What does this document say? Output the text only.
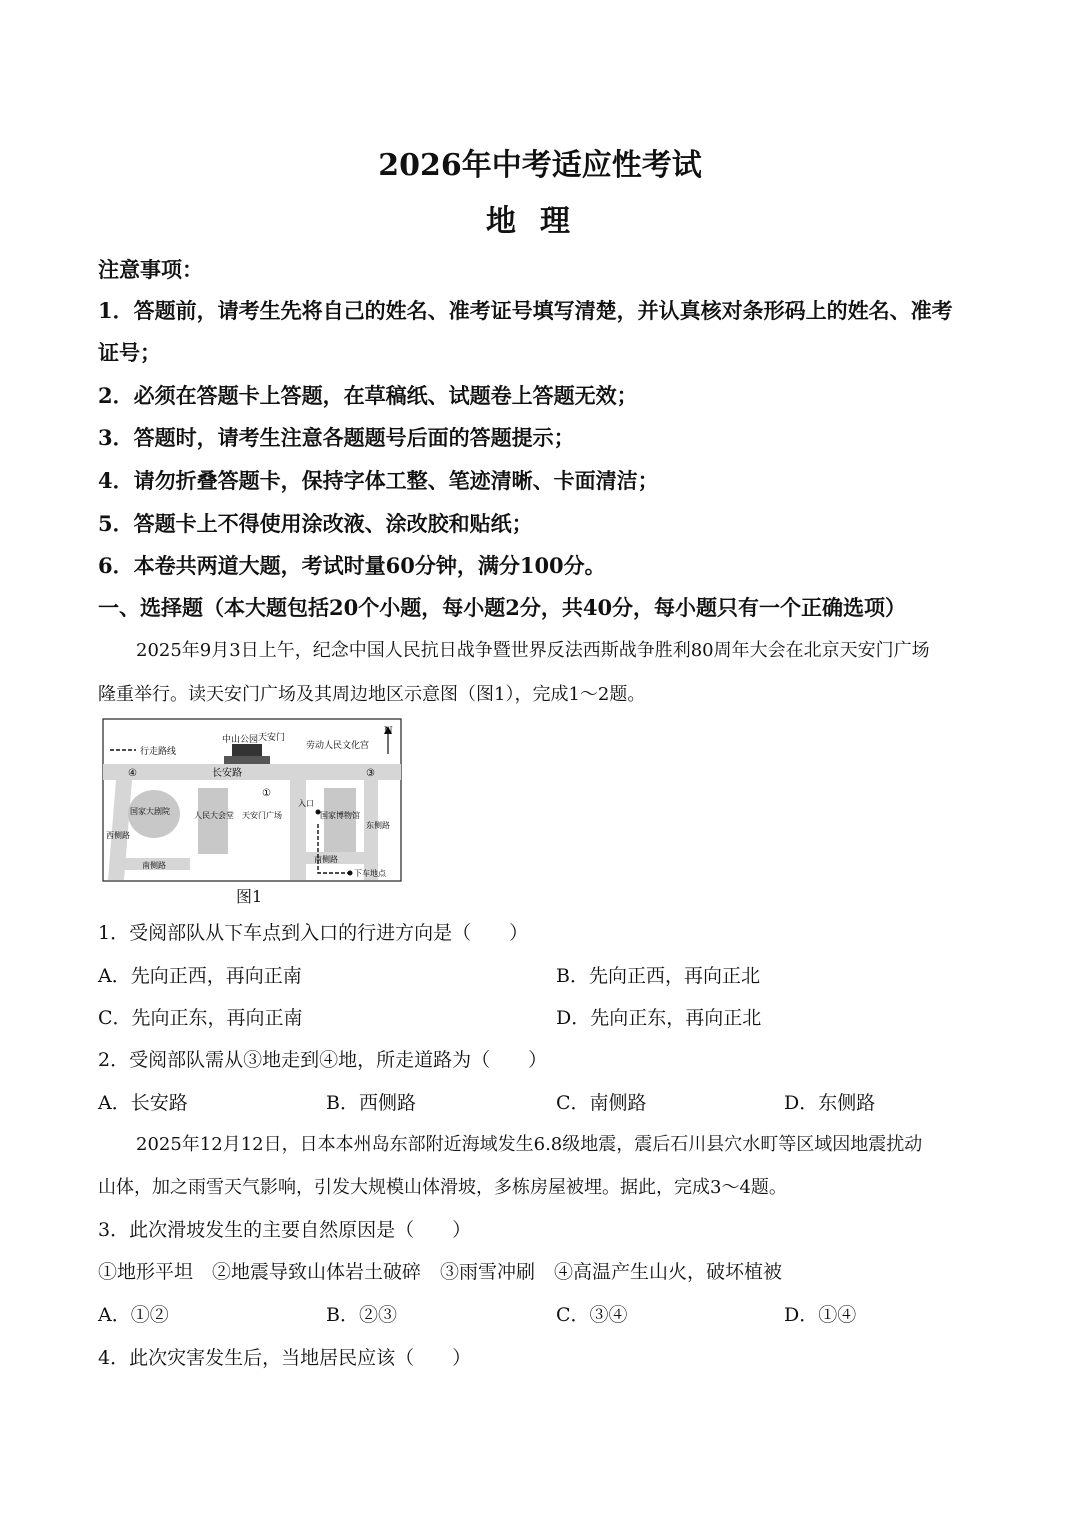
2026年中考适应性考试
地理
注意事项：
1．答题前，请考生先将自己的姓名、准考证号填写清楚，并认真核对条形码上的姓名、准考
证号；
2．必须在答题卡上答题，在草稿纸、试题卷上答题无效；
3．答题时，请考生注意各题题号后面的答题提示；
4．请勿折叠答题卡，保持字体工整、笔迹清晰、卡面清洁；
5．答题卡上不得使用涂改液、涂改胶和贴纸；
6．本卷共两道大题，考试时量60分钟，满分100分。
一、选择题（本大题包括20个小题，每小题2分，共40分，每小题只有一个正确选项）
2025年9月3日上午，纪念中国人民抗日战争暨世界反法西斯战争胜利80周年大会在北京天安门广场
隆重举行。读天安门广场及其周边地区示意图（图1），完成1～2题。
行走路线
N
中山公园 天安门
劳动人民文化宫
长安路
④	③
①
国家大剧院	人民大会堂 天安门广场	国家博物馆
入口
西侧路
东侧路
南侧路
南侧路
下车地点
图1
1．受阅部队从下车点到入口的行进方向是（　　）
A．先向正西，再向正南	B．先向正西，再向正北
C．先向正东，再向正南	D．先向正东，再向正北
2．受阅部队需从③地走到④地，所走道路为（　　）
A．长安路	B．西侧路	C．南侧路	D．东侧路
2025年12月12日，日本本州岛东部附近海域发生6.8级地震，震后石川县穴水町等区域因地震扰动
山体，加之雨雪天气影响，引发大规模山体滑坡，多栋房屋被埋。据此，完成3～4题。
3．此次滑坡发生的主要自然原因是（　　）
①地形平坦　②地震导致山体岩土破碎　③雨雪冲刷　④高温产生山火，破坏植被
A．①②	B．②③	C．③④	D．①④
4．此次灾害发生后，当地居民应该（　　）
